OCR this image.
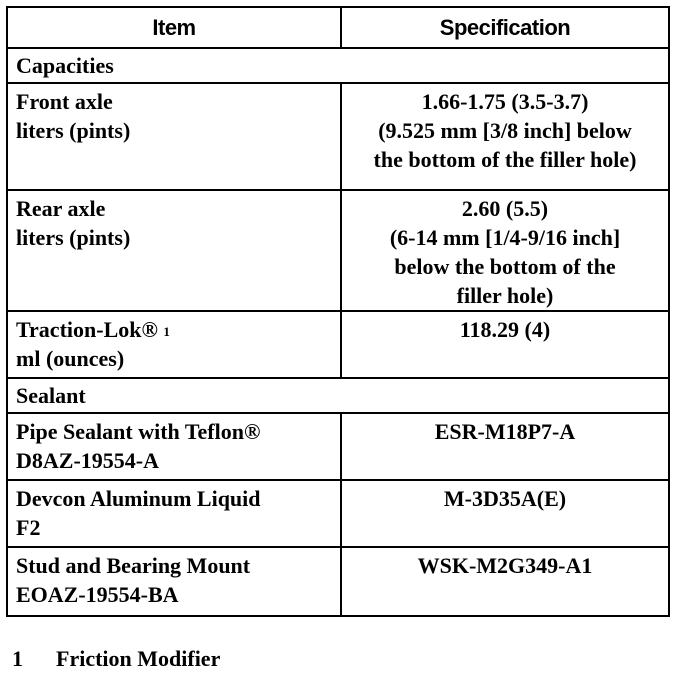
Item	Specification
Capacities	

Front axle
liters (pints)	1.66-1.75 (3.5-3.7)
(9.525 mm [3/8 inch] below
the bottom of the filler hole)

Rear axle
liters (pints)	2.60 (5.5)
(6-14 mm [1/4-9/16 inch]
below the bottom of the
filler hole)

Traction-Lok® $^1$
ml (ounces)	118.29 (4)

Sealant	

Pipe Sealant with Teflon®
D8AZ-19554-A	ESR-M18P7-A

Devcon Aluminum Liquid
F2	M-3D35A(E)

Stud and Bearing Mount
EOAZ-19554-BA	WSK-M2G349-A1
1 Friction Modifier
